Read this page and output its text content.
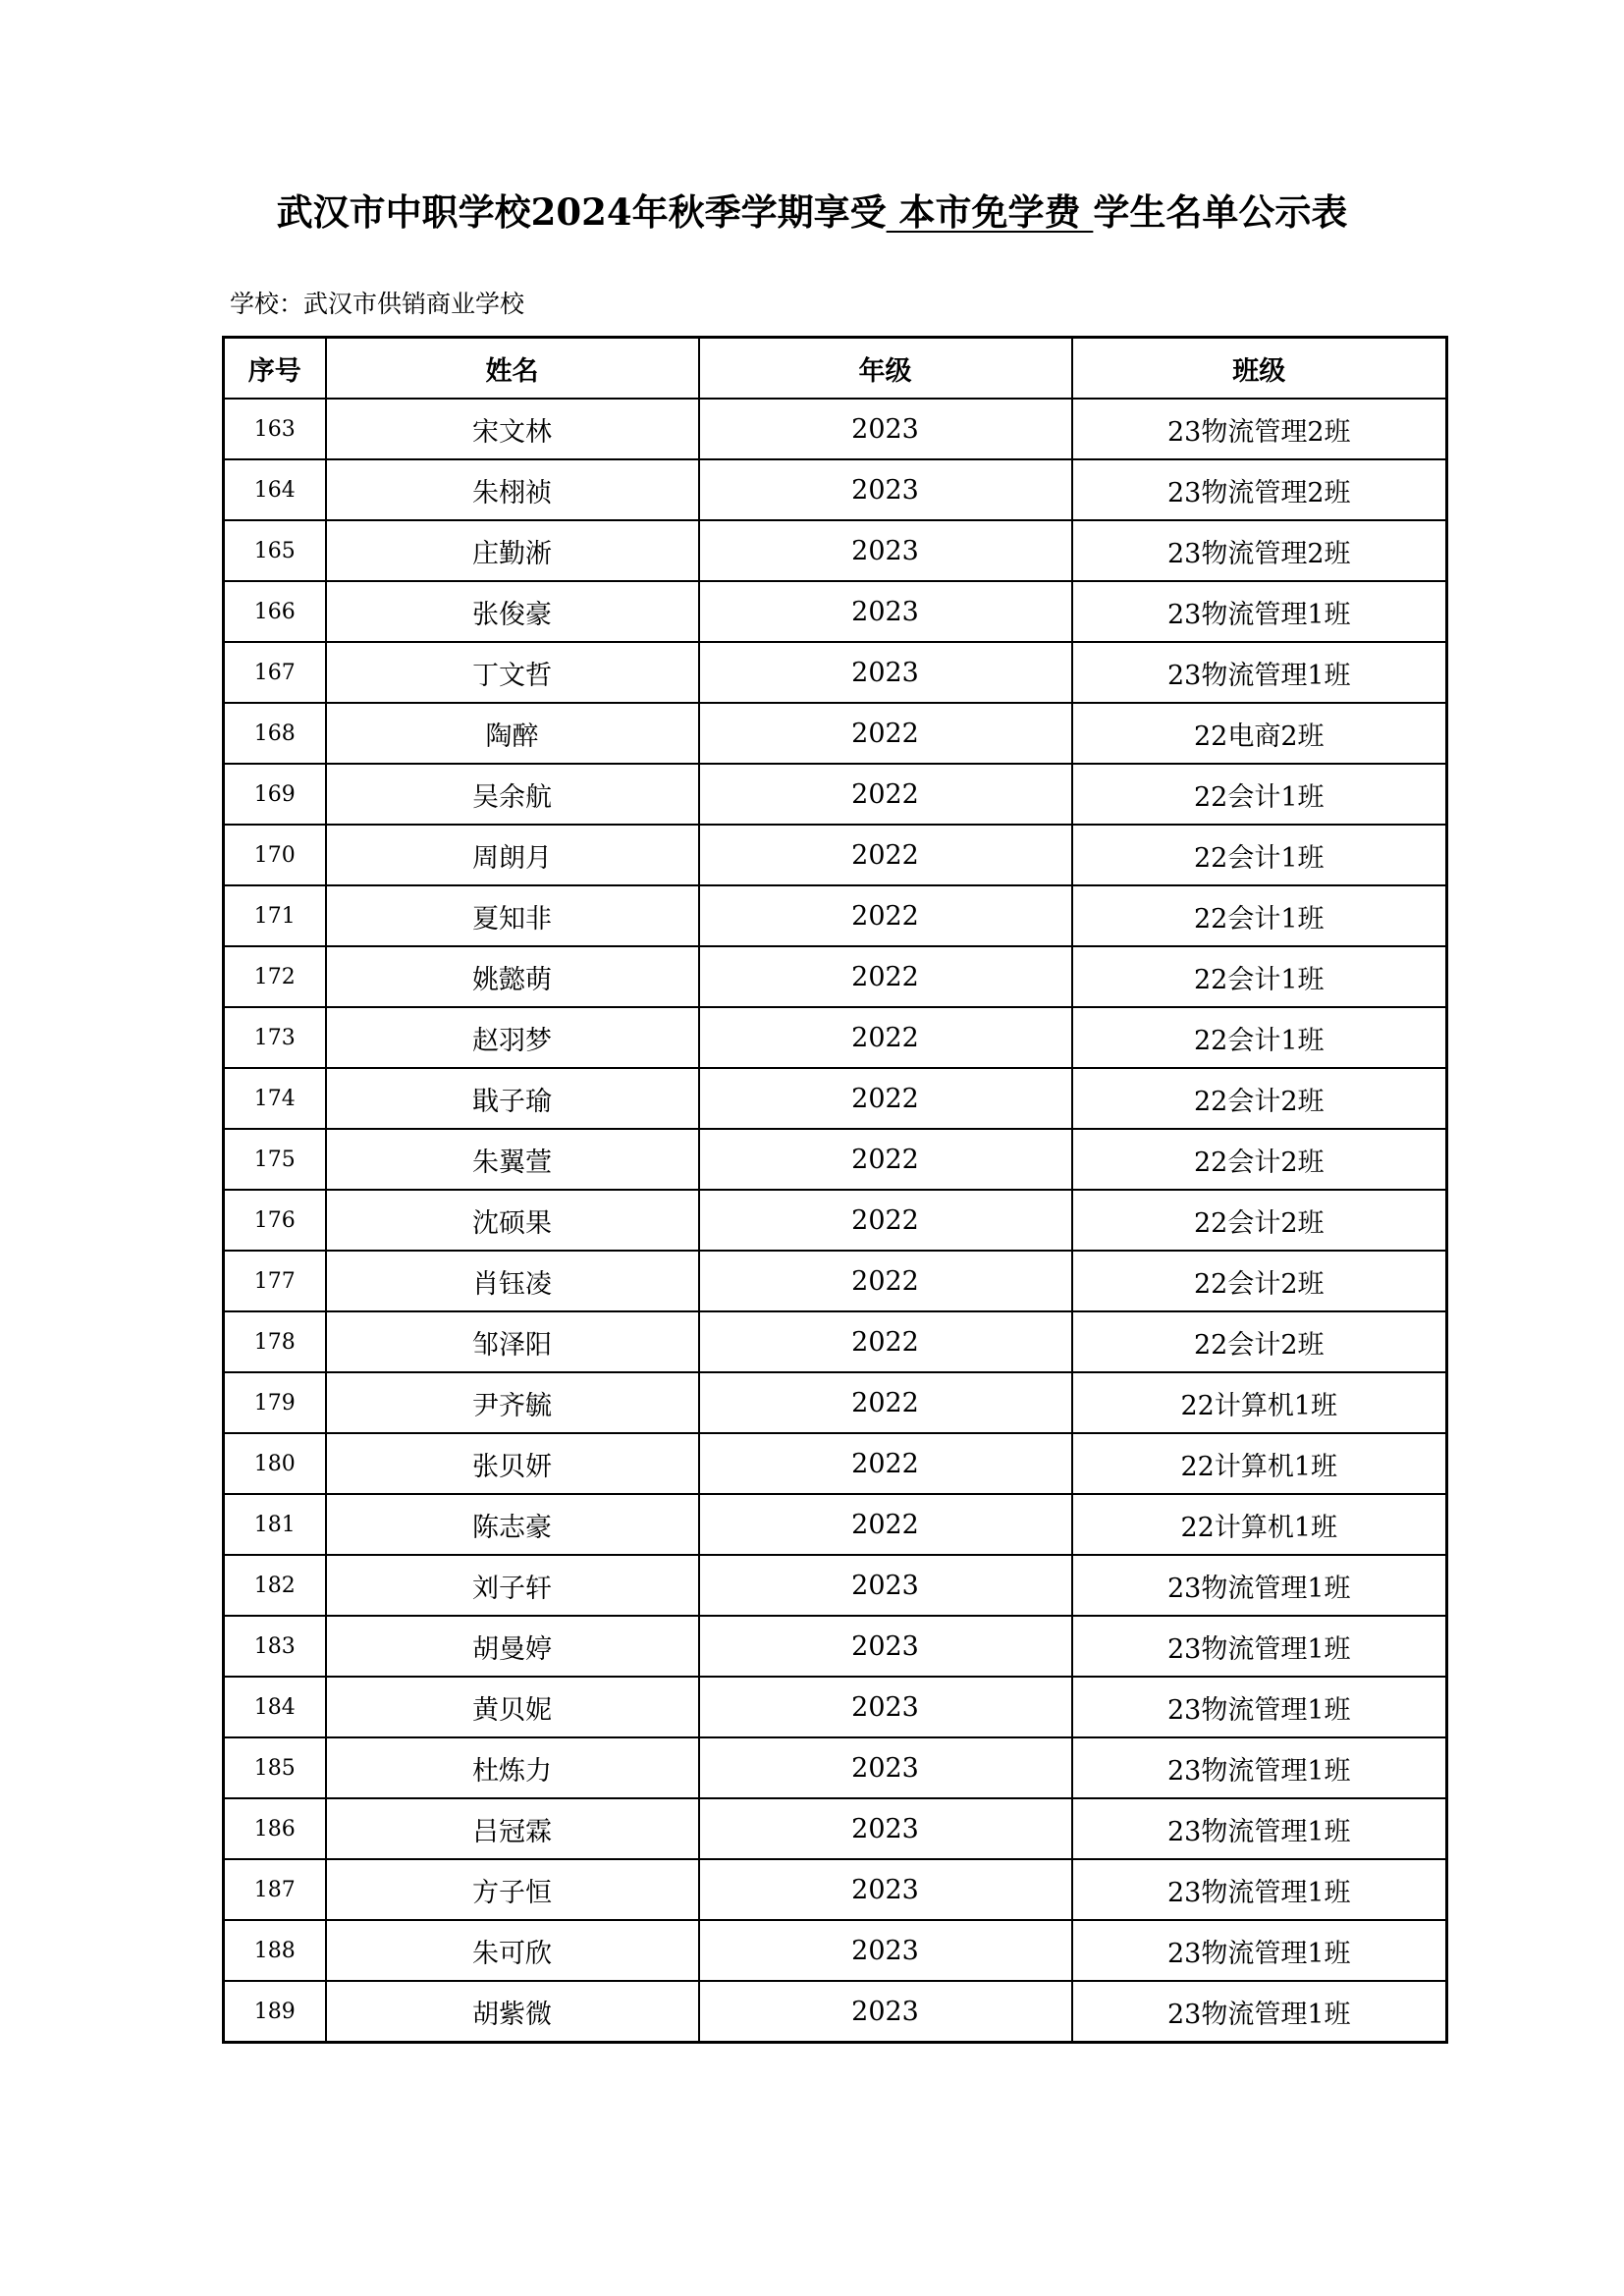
武汉市中职学校2024年秋季学期享受 本市免学费 学生名单公示表
学校：武汉市供销商业学校
序号	姓名	年级	班级
163	宋文林	2023	23物流管理2班
164	朱栩祯	2023	23物流管理2班
165	庄勤淅	2023	23物流管理2班
166	张俊豪	2023	23物流管理1班
167	丁文哲	2023	23物流管理1班
168	陶醉	2022	22电商2班
169	吴余航	2022	22会计1班
170	周朗月	2022	22会计1班
171	夏知非	2022	22会计1班
172	姚懿萌	2022	22会计1班
173	赵羽梦	2022	22会计1班
174	戢子瑜	2022	22会计2班
175	朱翼萱	2022	22会计2班
176	沈硕果	2022	22会计2班
177	肖钰凌	2022	22会计2班
178	邹泽阳	2022	22会计2班
179	尹齐毓	2022	22计算机1班
180	张贝妍	2022	22计算机1班
181	陈志豪	2022	22计算机1班
182	刘子轩	2023	23物流管理1班
183	胡曼婷	2023	23物流管理1班
184	黄贝妮	2023	23物流管理1班
185	杜炼力	2023	23物流管理1班
186	吕冠霖	2023	23物流管理1班
187	方子恒	2023	23物流管理1班
188	朱可欣	2023	23物流管理1班
189	胡紫微	2023	23物流管理1班
